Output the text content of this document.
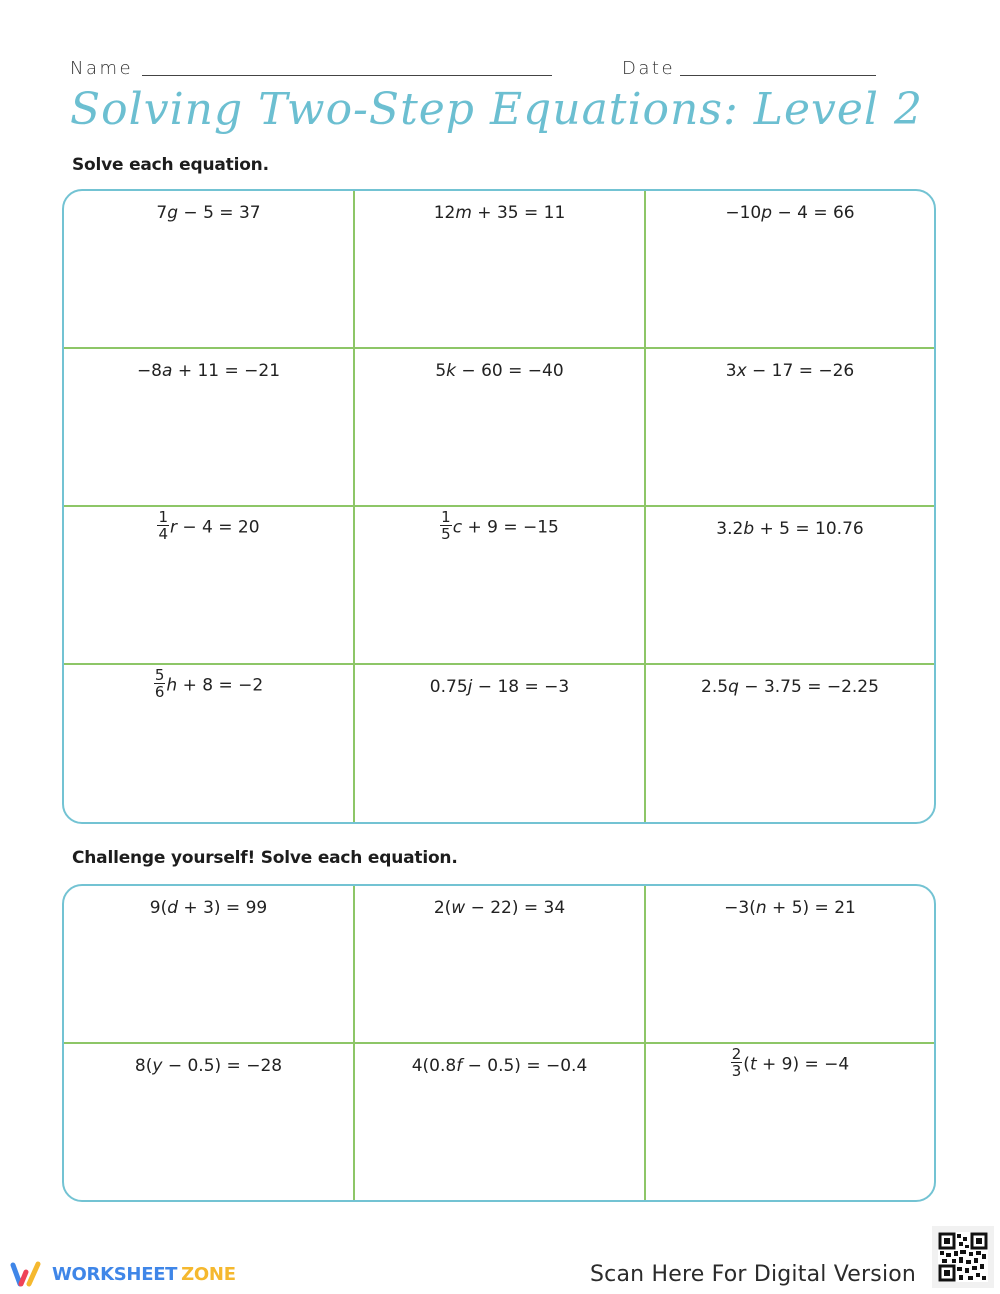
Name	Date
Solving Two-Step Equations: Level 2
Solve each equation.
7g − 5 = 37	12m + 35 = 11	−10p − 4 = 66
−8a + 11 = −21	5k − 60 = −40	3x − 17 = −26
$\frac{1}{4}$ r − 4 = 20	$\frac{1}{5}$ c + 9 = −15	3.2b + 5 = 10.76
$\frac{5}{6}$ h + 8 = −2	0.75j − 18 = −3	2.5q − 3.75 = −2.25
Challenge yourself! Solve each equation.
9(d + 3) = 99	2(w − 22) = 34	−3(n + 5) = 21
8(y − 0.5) = −28	4(0.8f − 0.5) = −0.4	$\frac{2}{3} (t + 9) = -4$
WORKSHEET ZONE	Scan Here For Digital Version
